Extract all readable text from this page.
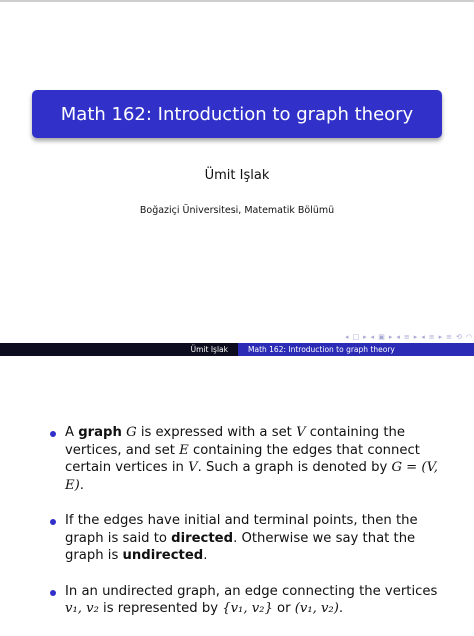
Math 162: Introduction to graph theory
Ümit Işlak
Boğaziçi Üniversitesi, Matematik Bölümü
◂ □ ▸ ◂ ▣ ▸ ◂ ≡ ▸ ◂ ≡ ▸ ≡ ⟲ ◠
Ümit Işlak	Math 162: Introduction to graph theory
A graph G is expressed with a set V containing the vertices, and set E containing the edges that connect certain vertices in V. Such a graph is denoted by G = (V, E).
If the edges have initial and terminal points, then the graph is said to directed. Otherwise we say that the graph is undirected.
In an undirected graph, an edge connecting the vertices v₁, v₂ is represented by {v₁, v₂} or (v₁, v₂).
